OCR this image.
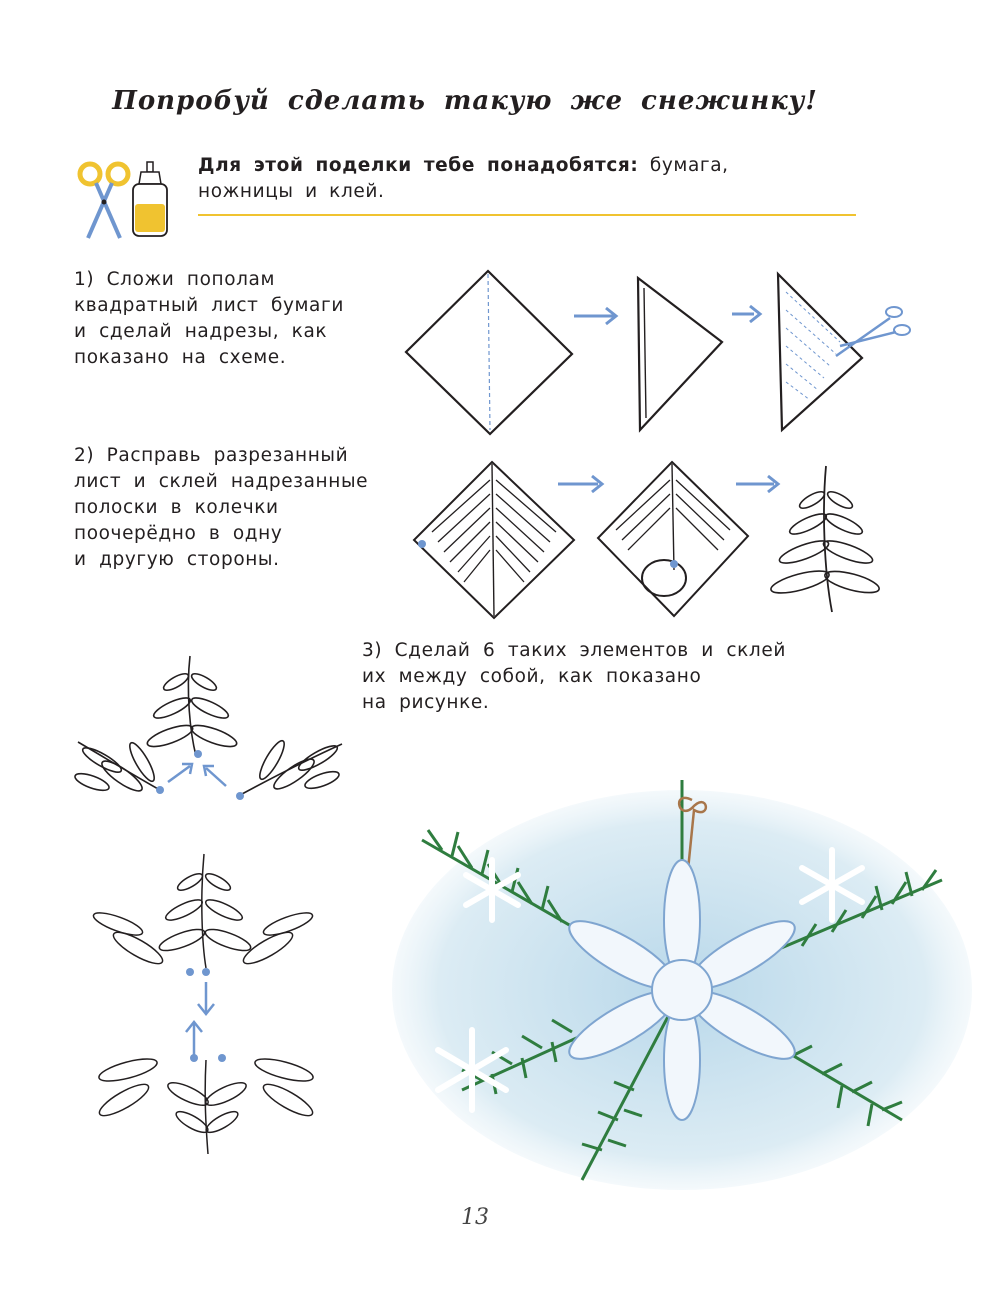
Попробуй сделать такую же снежинку!
Для этой поделки тебе понадобятся: бумага, ножницы и клей.
1) Сложи пополам
квадратный лист бумаги
и сделай надрезы, как
показано на схеме.
2) Расправь разрезанный
лист и склей надрезанные
полоски в колечки
поочерёдно в одну
и другую стороны.
3) Сделай 6 таких элементов и склей
их между собой, как показано
на рисунке.
13
